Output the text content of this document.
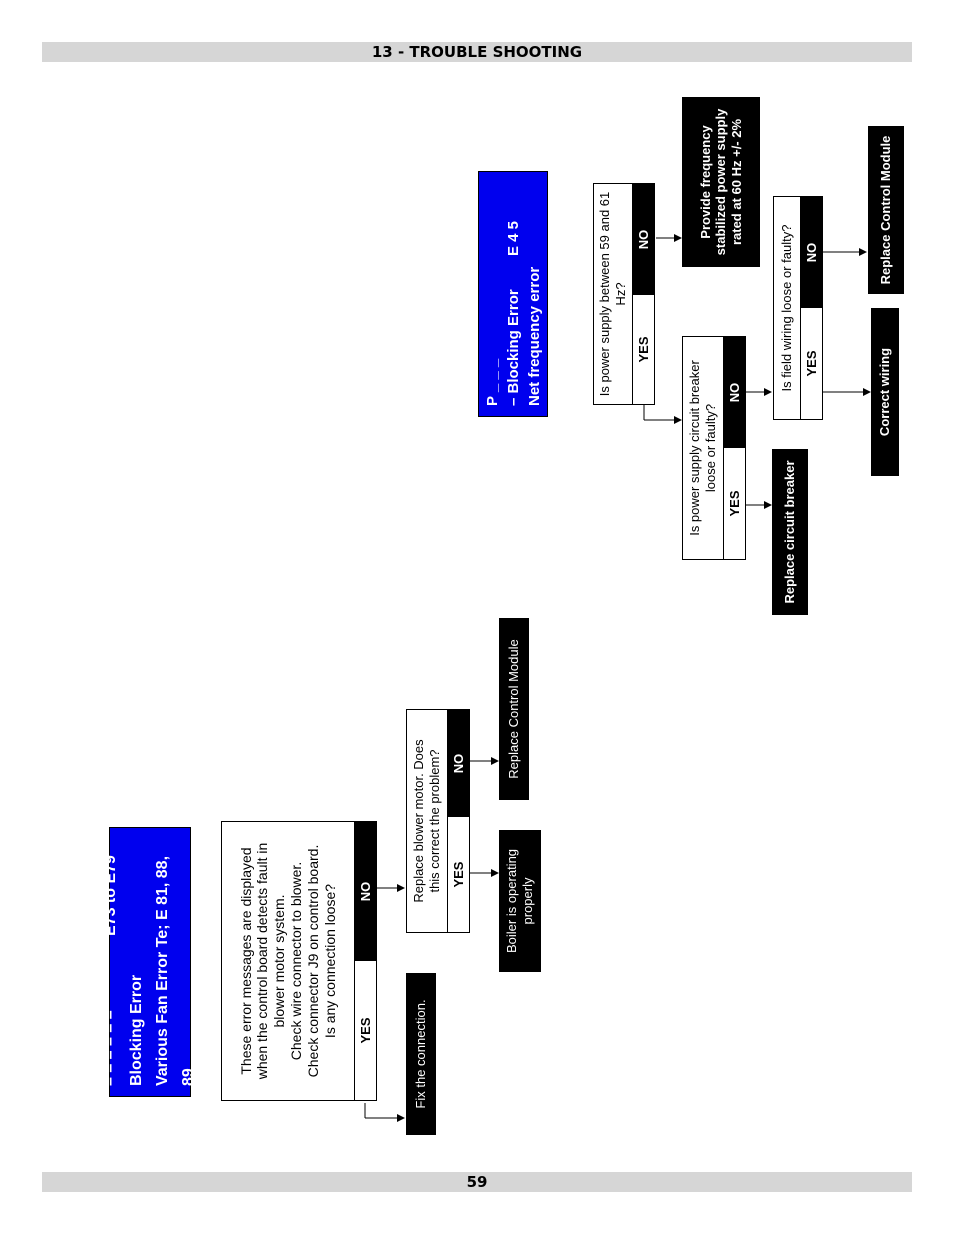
13 - TROUBLE SHOOTING
59
– – – – – –
E73 to E79
Blocking Error Various Fan Error Te; E 81, 88, 89
These error messages are displayed when the control board detects fault in blower motor system. Check wire connector to blower. Check connector J9 on control board. Is any connection loose?	YES
NO
Fix the connection.
Replace blower motor. Does this correct the problem? YES
NO
Boiler is operating properly
Replace Control Module
P _ _ _ – Blocking Error
E 4 5
Net frequency error	Is power supply between 59 and 61 Hz?
YES
NO
Provide frequency stabilized power supply rated at 60 Hz +/- 2%
Is power supply circuit breaker loose or faulty?
YES
NO
Replace circuit breaker
Is field wiring loose or faulty? YES
NO
Correct wiring
Replace Control Module
